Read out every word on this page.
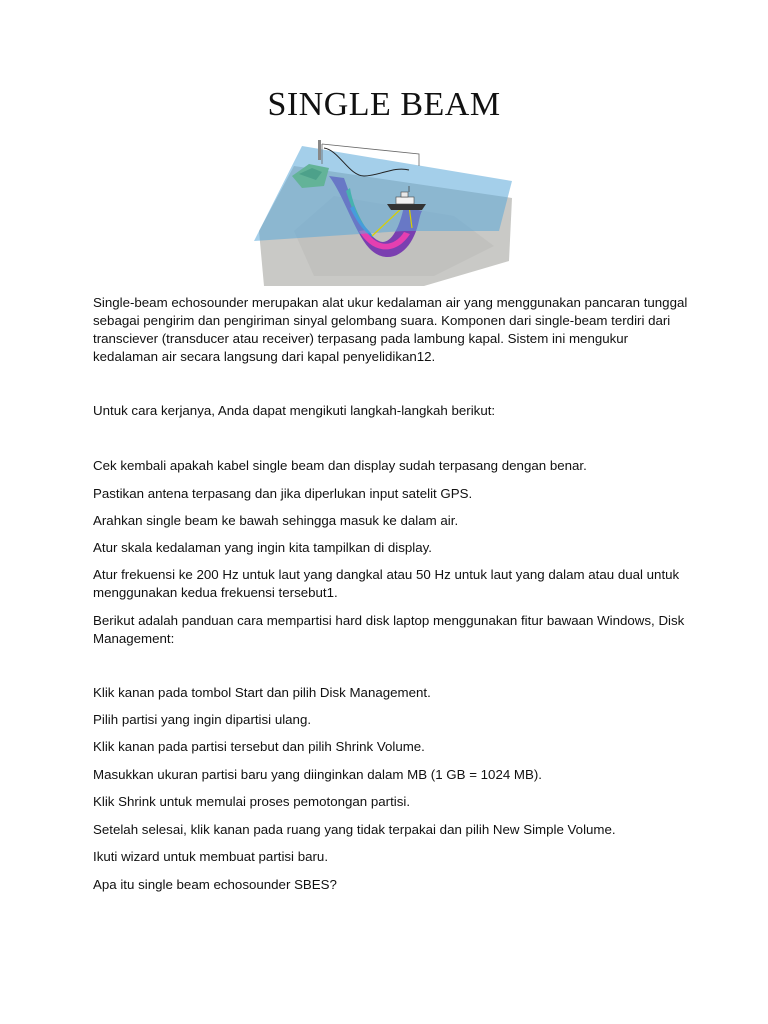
SINGLE BEAM

Single-beam echosounder merupakan alat ukur kedalaman air yang menggunakan pancaran tunggal sebagai pengirim dan pengiriman sinyal gelombang suara. Komponen dari single-beam terdiri dari transciever (transducer atau receiver) terpasang pada lambung kapal. Sistem ini mengukur kedalaman air secara langsung dari kapal penyelidikan12.

Untuk cara kerjanya, Anda dapat mengikuti langkah-langkah berikut:

Cek kembali apakah kabel single beam dan display sudah terpasang dengan benar.

Pastikan antena terpasang dan jika diperlukan input satelit GPS.

Arahkan single beam ke bawah sehingga masuk ke dalam air.

Atur skala kedalaman yang ingin kita tampilkan di display.

Atur frekuensi ke 200 Hz untuk laut yang dangkal atau 50 Hz untuk laut yang dalam atau dual untuk menggunakan kedua frekuensi tersebut1.

Berikut adalah panduan cara mempartisi hard disk laptop menggunakan fitur bawaan Windows, Disk Management:

Klik kanan pada tombol Start dan pilih Disk Management.

Pilih partisi yang ingin dipartisi ulang.

Klik kanan pada partisi tersebut dan pilih Shrink Volume.

Masukkan ukuran partisi baru yang diinginkan dalam MB (1 GB = 1024 MB).

Klik Shrink untuk memulai proses pemotongan partisi.

Setelah selesai, klik kanan pada ruang yang tidak terpakai dan pilih New Simple Volume.

Ikuti wizard untuk membuat partisi baru.

Apa itu single beam echosounder SBES?
